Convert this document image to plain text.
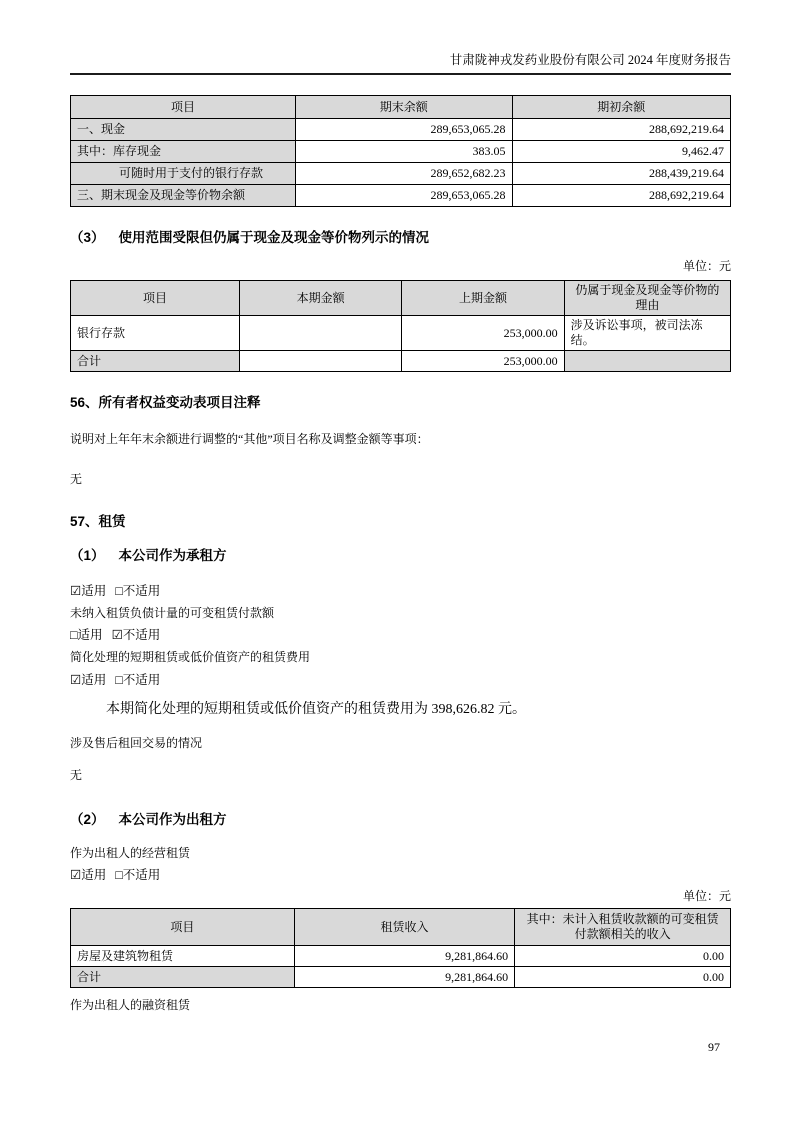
甘肃陇神戎发药业股份有限公司 2024 年度财务报告
项目	期末余额	期初余额
一、现金	289,653,065.28	288,692,219.64
其中：库存现金	383.05	9,462.47
可随时用于支付的银行存款	289,652,682.23	288,439,219.64
三、期末现金及现金等价物余额	289,653,065.28	288,692,219.64
（3） 使用范围受限但仍属于现金及现金等价物列示的情况
单位：元
项目	本期金额	上期金额	仍属于现金及现金等价物的理由
银行存款		253,000.00	涉及诉讼事项，被司法冻结。
合计		253,000.00	
56、所有者权益变动表项目注释
说明对上年年末余额进行调整的“其他”项目名称及调整金额等事项：
无
57、租赁
（1） 本公司作为承租方
☑适用 □不适用
未纳入租赁负债计量的可变租赁付款额
□适用 ☑不适用
简化处理的短期租赁或低价值资产的租赁费用
☑适用 □不适用
本期简化处理的短期租赁或低价值资产的租赁费用为 398,626.82 元。
涉及售后租回交易的情况
无
（2） 本公司作为出租方
作为出租人的经营租赁
☑适用 □不适用
单位：元
项目	租赁收入	其中：未计入租赁收款额的可变租赁付款额相关的收入
房屋及建筑物租赁	9,281,864.60	0.00
合计	9,281,864.60	0.00
作为出租人的融资租赁
97
